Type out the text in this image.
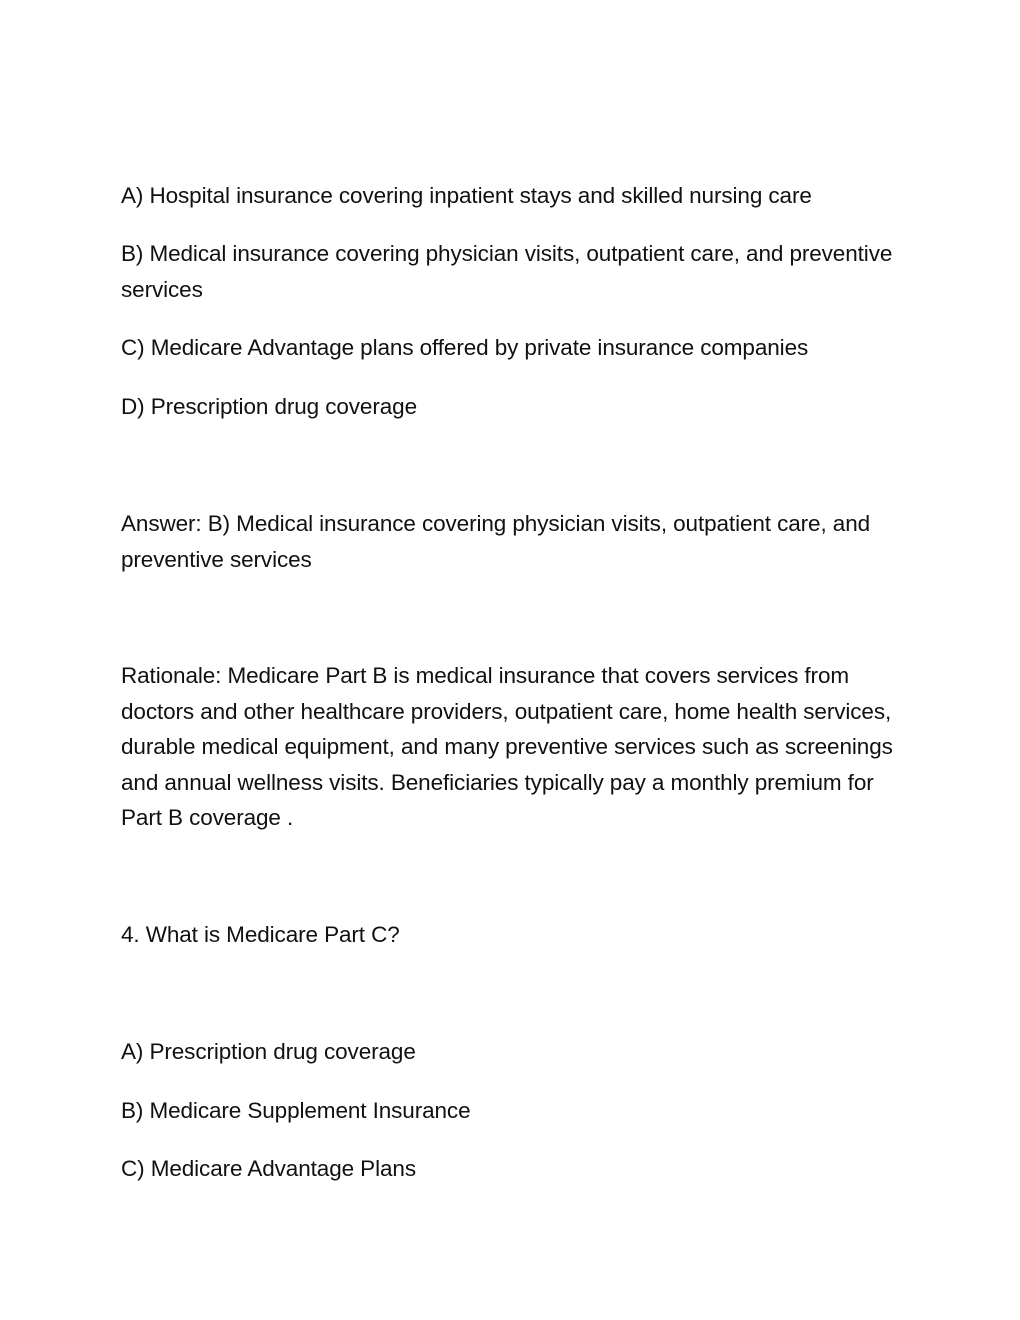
A) Hospital insurance covering inpatient stays and skilled nursing care

B) Medical insurance covering physician visits, outpatient care, and preventive services

C) Medicare Advantage plans offered by private insurance companies

D) Prescription drug coverage

Answer: B) Medical insurance covering physician visits, outpatient care, and preventive services

Rationale: Medicare Part B is medical insurance that covers services from doctors and other healthcare providers, outpatient care, home health services, durable medical equipment, and many preventive services such as screenings and annual wellness visits. Beneficiaries typically pay a monthly premium for Part B coverage .

4. What is Medicare Part C?

A) Prescription drug coverage

B) Medicare Supplement Insurance

C) Medicare Advantage Plans
